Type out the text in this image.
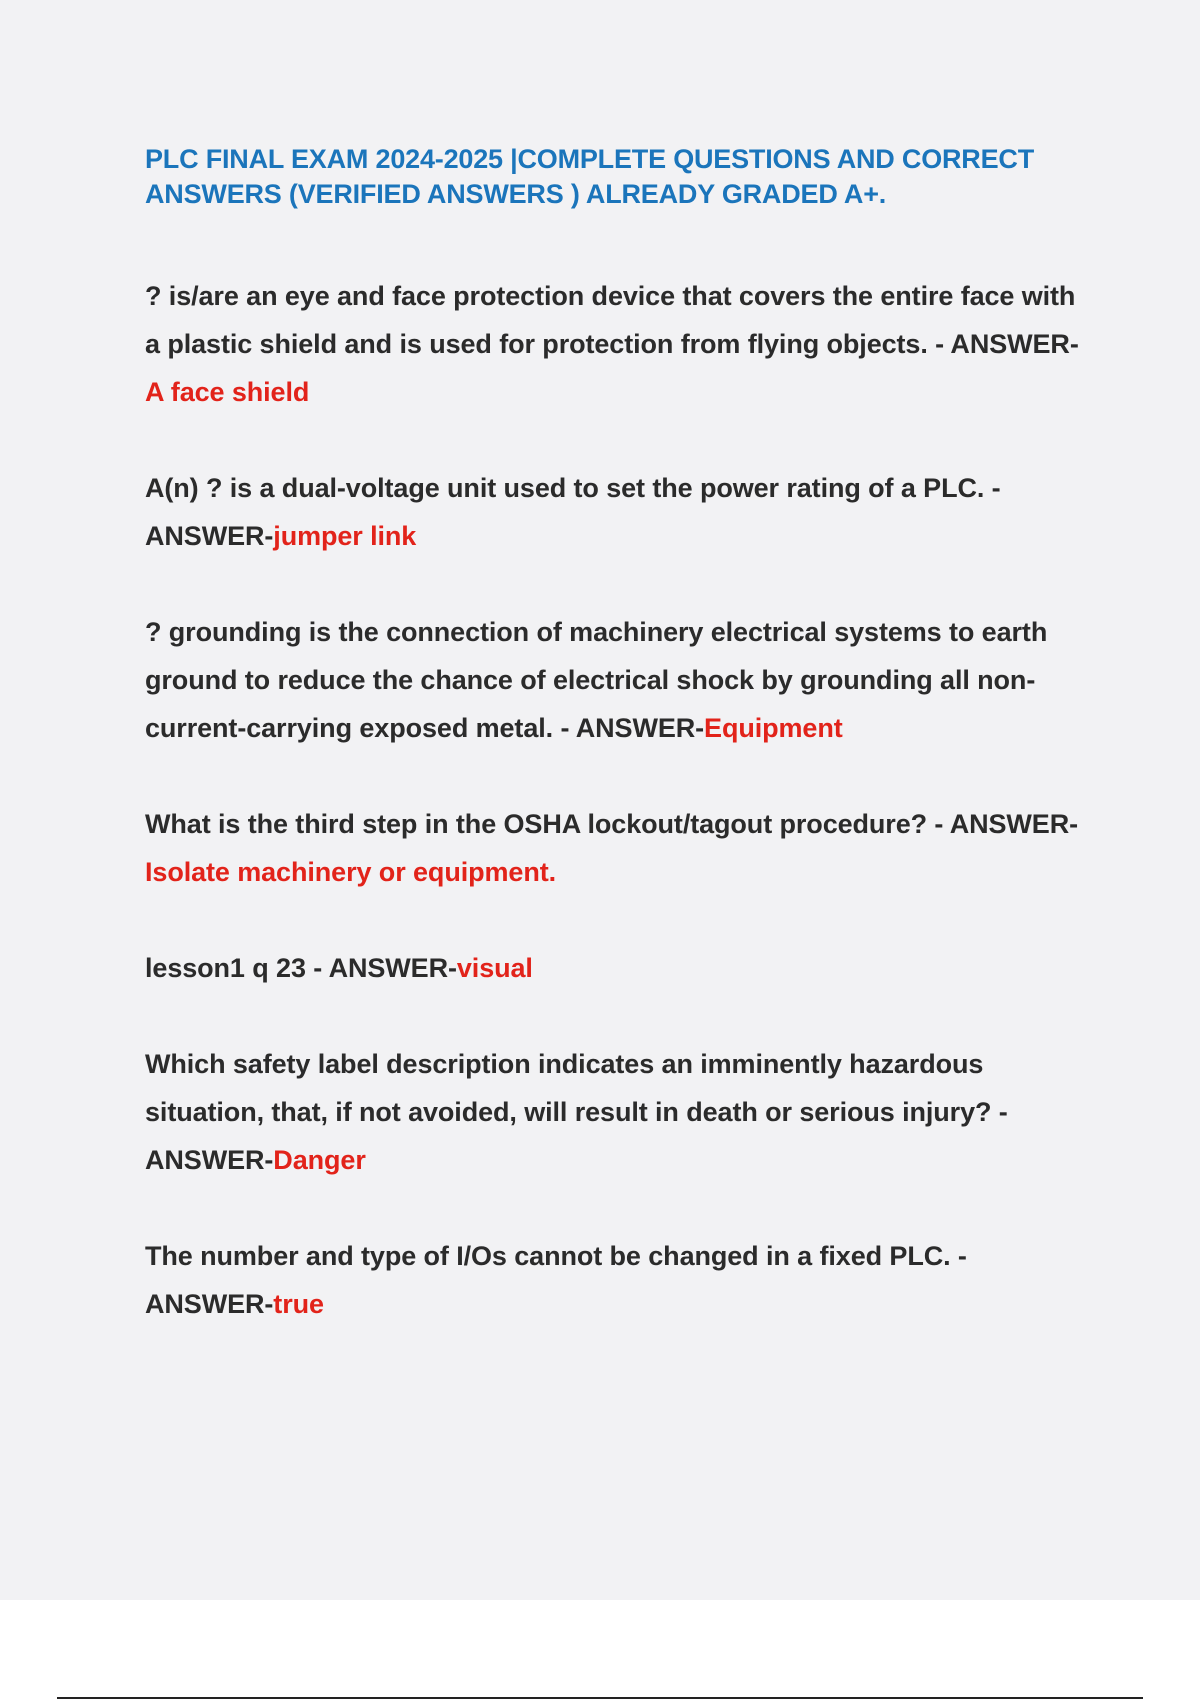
PLC FINAL EXAM 2024-2025 |COMPLETE QUESTIONS AND CORRECT ANSWERS (VERIFIED ANSWERS ) ALREADY GRADED A+.

? is/are an eye and face protection device that covers the entire face with a plastic shield and is used for protection from flying objects. - ANSWER-A face shield

A(n) ? is a dual-voltage unit used to set the power rating of a PLC. - ANSWER-jumper link

? grounding is the connection of machinery electrical systems to earth ground to reduce the chance of electrical shock by grounding all non-current-carrying exposed metal. - ANSWER-Equipment

What is the third step in the OSHA lockout/tagout procedure? - ANSWER-Isolate machinery or equipment.

lesson1 q 23 - ANSWER-visual

Which safety label description indicates an imminently hazardous situation, that, if not avoided, will result in death or serious injury? - ANSWER-Danger

The number and type of I/Os cannot be changed in a fixed PLC. - ANSWER-true
